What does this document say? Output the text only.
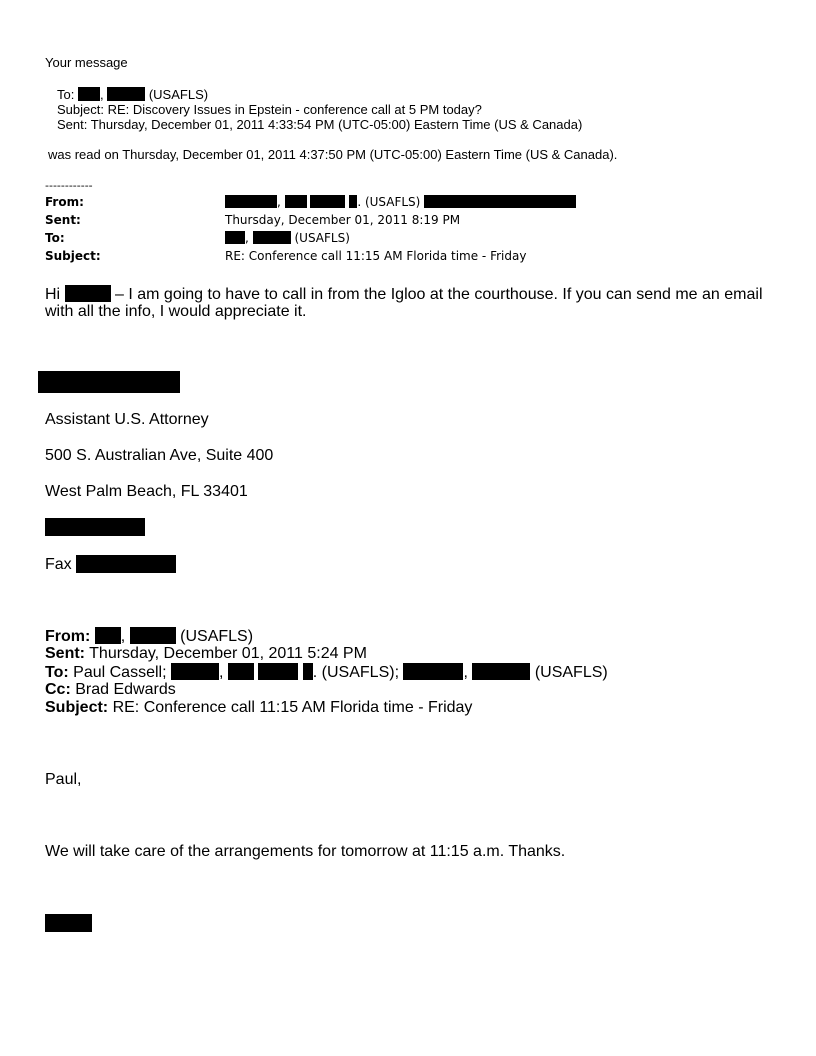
Your message
To: ,	(USAFLS)
Subject: RE: Discovery Issues in Epstein - conference call at 5 PM today?
Sent: Thursday, December 01, 2011 4:33:54 PM (UTC-05:00) Eastern Time (US & Canada)
was read on Thursday, December 01, 2011 4:37:50 PM (UTC-05:00) Eastern Time (US & Canada).
------------
From:	,	. (USAFLS)
Sent:	Thursday, December 01, 2011 8:19 PM
To:	,	(USAFLS)
Subject:	RE: Conference call 11:15 AM Florida time - Friday
Hi	– I am going to have to call in from the Igloo at the courthouse. If you can send me an email
with all the info, I would appreciate it.
Assistant U.S. Attorney
500 S. Australian Ave, Suite 400
West Palm Beach, FL 33401
Fax
From: ,	(USAFLS)
Sent: Thursday, December 01, 2011 5:24 PM
To: Paul Cassell;	,	. (USAFLS);	,	(USAFLS)
Cc: Brad Edwards
Subject: RE: Conference call 11:15 AM Florida time - Friday
Paul,
We will take care of the arrangements for tomorrow at 11:15 a.m. Thanks.
